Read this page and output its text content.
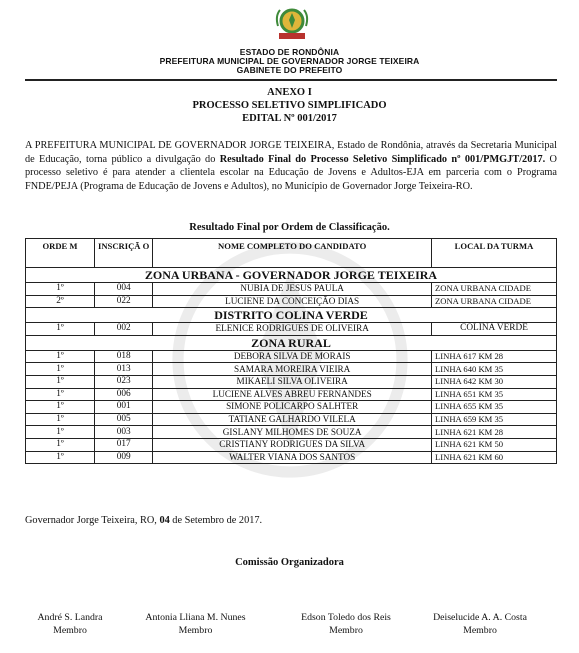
ESTADO DE RONDÔNIA
PREFEITURA MUNICIPAL DE GOVERNADOR JORGE TEIXEIRA
GABINETE DO PREFEITO
ANEXO I
PROCESSO SELETIVO SIMPLIFICADO
EDITAL Nº 001/2017
A PREFEITURA MUNICIPAL DE GOVERNADOR JORGE TEIXEIRA, Estado de Rondônia, através da Secretaria Municipal de Educação, torna público a divulgação do Resultado Final do Processo Seletivo Simplificado nº 001/PMGJT/2017. O processo seletivo é para atender a clientela escolar na Educação de Jovens e Adultos-EJA em parceria com o Programa FNDE/PEJA (Programa de Educação de Jovens e Adultos), no Município de Governador Jorge Teixeira-RO.
Resultado Final por Ordem de Classificação.
ORDE M	INSCRIÇÃ O	NOME COMPLETO DO CANDIDATO	LOCAL DA TURMA
ZONA URBANA - GOVERNADOR JORGE TEIXEIRA			
1º	004	NUBIA DE JESUS PAULA	ZONA URBANA CIDADE
2º	022	LUCIENE DA CONCEIÇÃO DIAS	ZONA URBANA CIDADE
DISTRITO COLINA VERDE			
1º	002	ELENICE RODRIGUES DE OLIVEIRA	COLINA VERDE
ZONA RURAL			
1º	018	DEBORA SILVA DE MORAIS	LINHA 617 KM 28
1º	013	SAMARA MOREIRA VIEIRA	LINHA 640 KM 35
1º	023	MIKAELI SILVA OLIVEIRA	LINHA 642 KM 30
1º	006	LUCIENE ALVES ABREU FERNANDES	LINHA 651 KM 35
1º	001	SIMONE POLICARPO SALHTER	LINHA 655 KM 35
1º	005	TATIANE GALHARDO VILELA	LINHA 659 KM 35
1º	003	GISLANY MILHOMES DE SOUZA	LINHA 621 KM 28
1º	017	CRISTIANY RODRIGUES DA SILVA	LINHA 621 KM 50
1º	009	WALTER VIANA DOS SANTOS	LINHA 621 KM 60
Governador Jorge Teixeira, RO, 04 de Setembro de 2017.
Comissão Organizadora
André S. Landra
Membro
Antonia Lliana M. Nunes
Membro
Edson Toledo dos Reis
Membro
Deiselucide A. A. Costa
Membro
